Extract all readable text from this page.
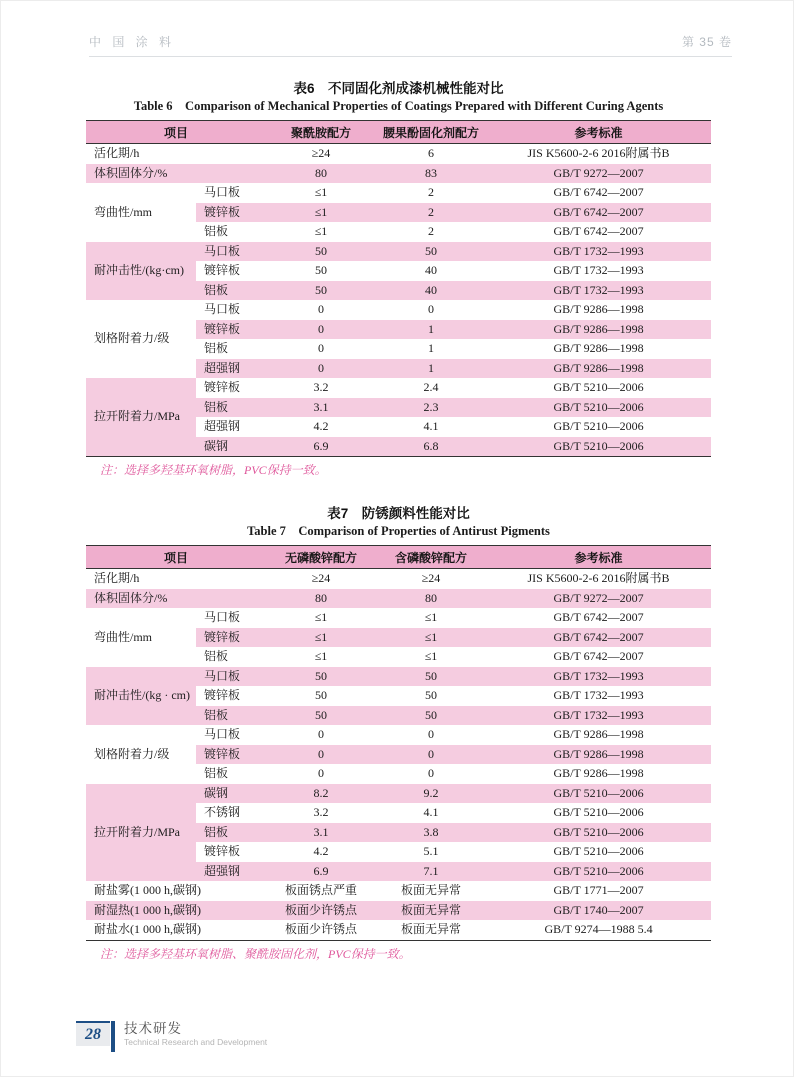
中 国 涂 料	第 35 卷
表6　不同固化剂成漆机械性能对比
Table 6　Comparison of Mechanical Properties of Coatings Prepared with Different Curing Agents
项目		聚酰胺配方	腰果酚固化剂配方	参考标准
活化期/h		≥24	6	JIS K5600-2-6 2016附属书B
体积固体分/%		80	83	GB/T 9272—2007
弯曲性/mm	马口板	≤1	2	GB/T 6742—2007
	镀锌板	≤1	2	GB/T 6742—2007
	铝板	≤1	2	GB/T 6742—2007
耐冲击性/(kg·cm)	马口板	50	50	GB/T 1732—1993
	镀锌板	50	40	GB/T 1732—1993
	铝板	50	40	GB/T 1732—1993
划格附着力/级	马口板	0	0	GB/T 9286—1998
	镀锌板	0	1	GB/T 9286—1998
	铝板	0	1	GB/T 9286—1998
	超强钢	0	1	GB/T 9286—1998
拉开附着力/MPa	镀锌板	3.2	2.4	GB/T 5210—2006
	铝板	3.1	2.3	GB/T 5210—2006
	超强钢	4.2	4.1	GB/T 5210—2006
	碳钢	6.9	6.8	GB/T 5210—2006
注：选择多羟基环氧树脂，PVC保持一致。
表7　防锈颜料性能对比
Table 7　Comparison of Properties of Antirust Pigments
项目		无磷酸锌配方	含磷酸锌配方	参考标准
活化期/h		≥24	≥24	JIS K5600-2-6 2016附属书B
体积固体分/%		80	80	GB/T 9272—2007
弯曲性/mm	马口板	≤1	≤1	GB/T 6742—2007
	镀锌板	≤1	≤1	GB/T 6742—2007
	铝板	≤1	≤1	GB/T 6742—2007
耐冲击性/(kg · cm)	马口板	50	50	GB/T 1732—1993
	镀锌板	50	50	GB/T 1732—1993
	铝板	50	50	GB/T 1732—1993
划格附着力/级	马口板	0	0	GB/T 9286—1998
	镀锌板	0	0	GB/T 9286—1998
	铝板	0	0	GB/T 9286—1998
拉开附着力/MPa	碳钢	8.2	9.2	GB/T 5210—2006
	不锈钢	3.2	4.1	GB/T 5210—2006
	铝板	3.1	3.8	GB/T 5210—2006
	镀锌板	4.2	5.1	GB/T 5210—2006
	超强钢	6.9	7.1	GB/T 5210—2006
耐盐雾(1 000 h,碳钢)		板面锈点严重	板面无异常	GB/T 1771—2007
耐湿热(1 000 h,碳钢)		板面少许锈点	板面无异常	GB/T 1740—2007
耐盐水(1 000 h,碳钢)		板面少许锈点	板面无异常	GB/T 9274—1988 5.4
注：选择多羟基环氧树脂、聚酰胺固化剂，PVC保持一致。
28	技术研发
Technical Research and Development
